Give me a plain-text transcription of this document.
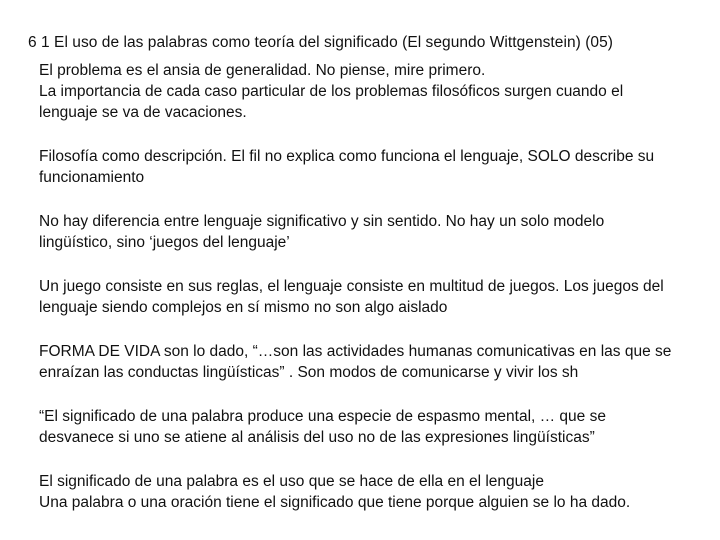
6 1 El uso de las palabras como teoría del significado (El segundo Wittgenstein) (05)

El problema es el ansia de generalidad. No piense, mire primero.
La importancia de cada caso particular de los problemas filosóficos surgen cuando el
lenguaje se va de vacaciones.

Filosofía como descripción. El fil no explica como funciona el lenguaje, SOLO describe su
funcionamiento

No hay diferencia entre lenguaje significativo y sin sentido. No hay un solo modelo
lingüístico, sino ‘juegos del lenguaje’

Un juego consiste en sus reglas, el lenguaje consiste en multitud de juegos. Los juegos del
lenguaje siendo complejos en sí mismo no son algo aislado

FORMA DE VIDA son lo dado, “…son las actividades humanas comunicativas en las que se
enraízan las conductas lingüísticas” . Son modos de comunicarse y vivir los sh

“El significado de una palabra produce una especie de espasmo mental, … que se
desvanece si uno se atiene al análisis del uso no de las expresiones lingüísticas”

El significado de una palabra es el uso que se hace de ella en el lenguaje
Una palabra o una oración tiene el significado que tiene porque alguien se lo ha dado.
